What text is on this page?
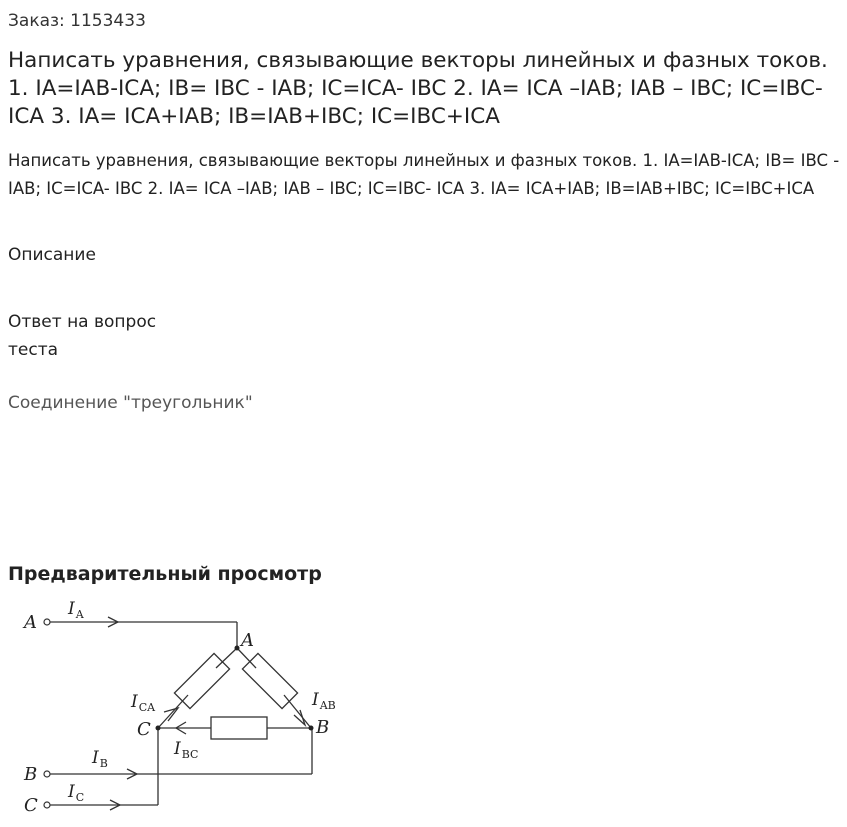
Заказ: 1153433
Написать уравнения, связывающие векторы линейных и фазных токов. 1. IA=IAB-ICA; IB= IBC - IAB; IC=ICA- IBC 2. IA= ICA –IAB; IAB – IBC; IC=IBC- ICA 3. IA= ICA+IAB; IB=IAB+IBC; IC=IBC+ICA
Написать уравнения, связывающие векторы линейных и фазных токов. 1. IA=IAB-ICA; IB= IBC - IAB; IC=ICA- IBC 2. IA= ICA –IAB; IAB – IBC; IC=IBC- ICA 3. IA= ICA+IAB; IB=IAB+IBC; IC=IBC+ICA
Описание
Ответ на вопрос
теста
Соединение "треугольник"
Предварительный просмотр
A
B
C
A
B
C
$I_A$
$I_B$
$I_C$
$I_{AB}$
$I_{BC}$
$I_{CA}$
